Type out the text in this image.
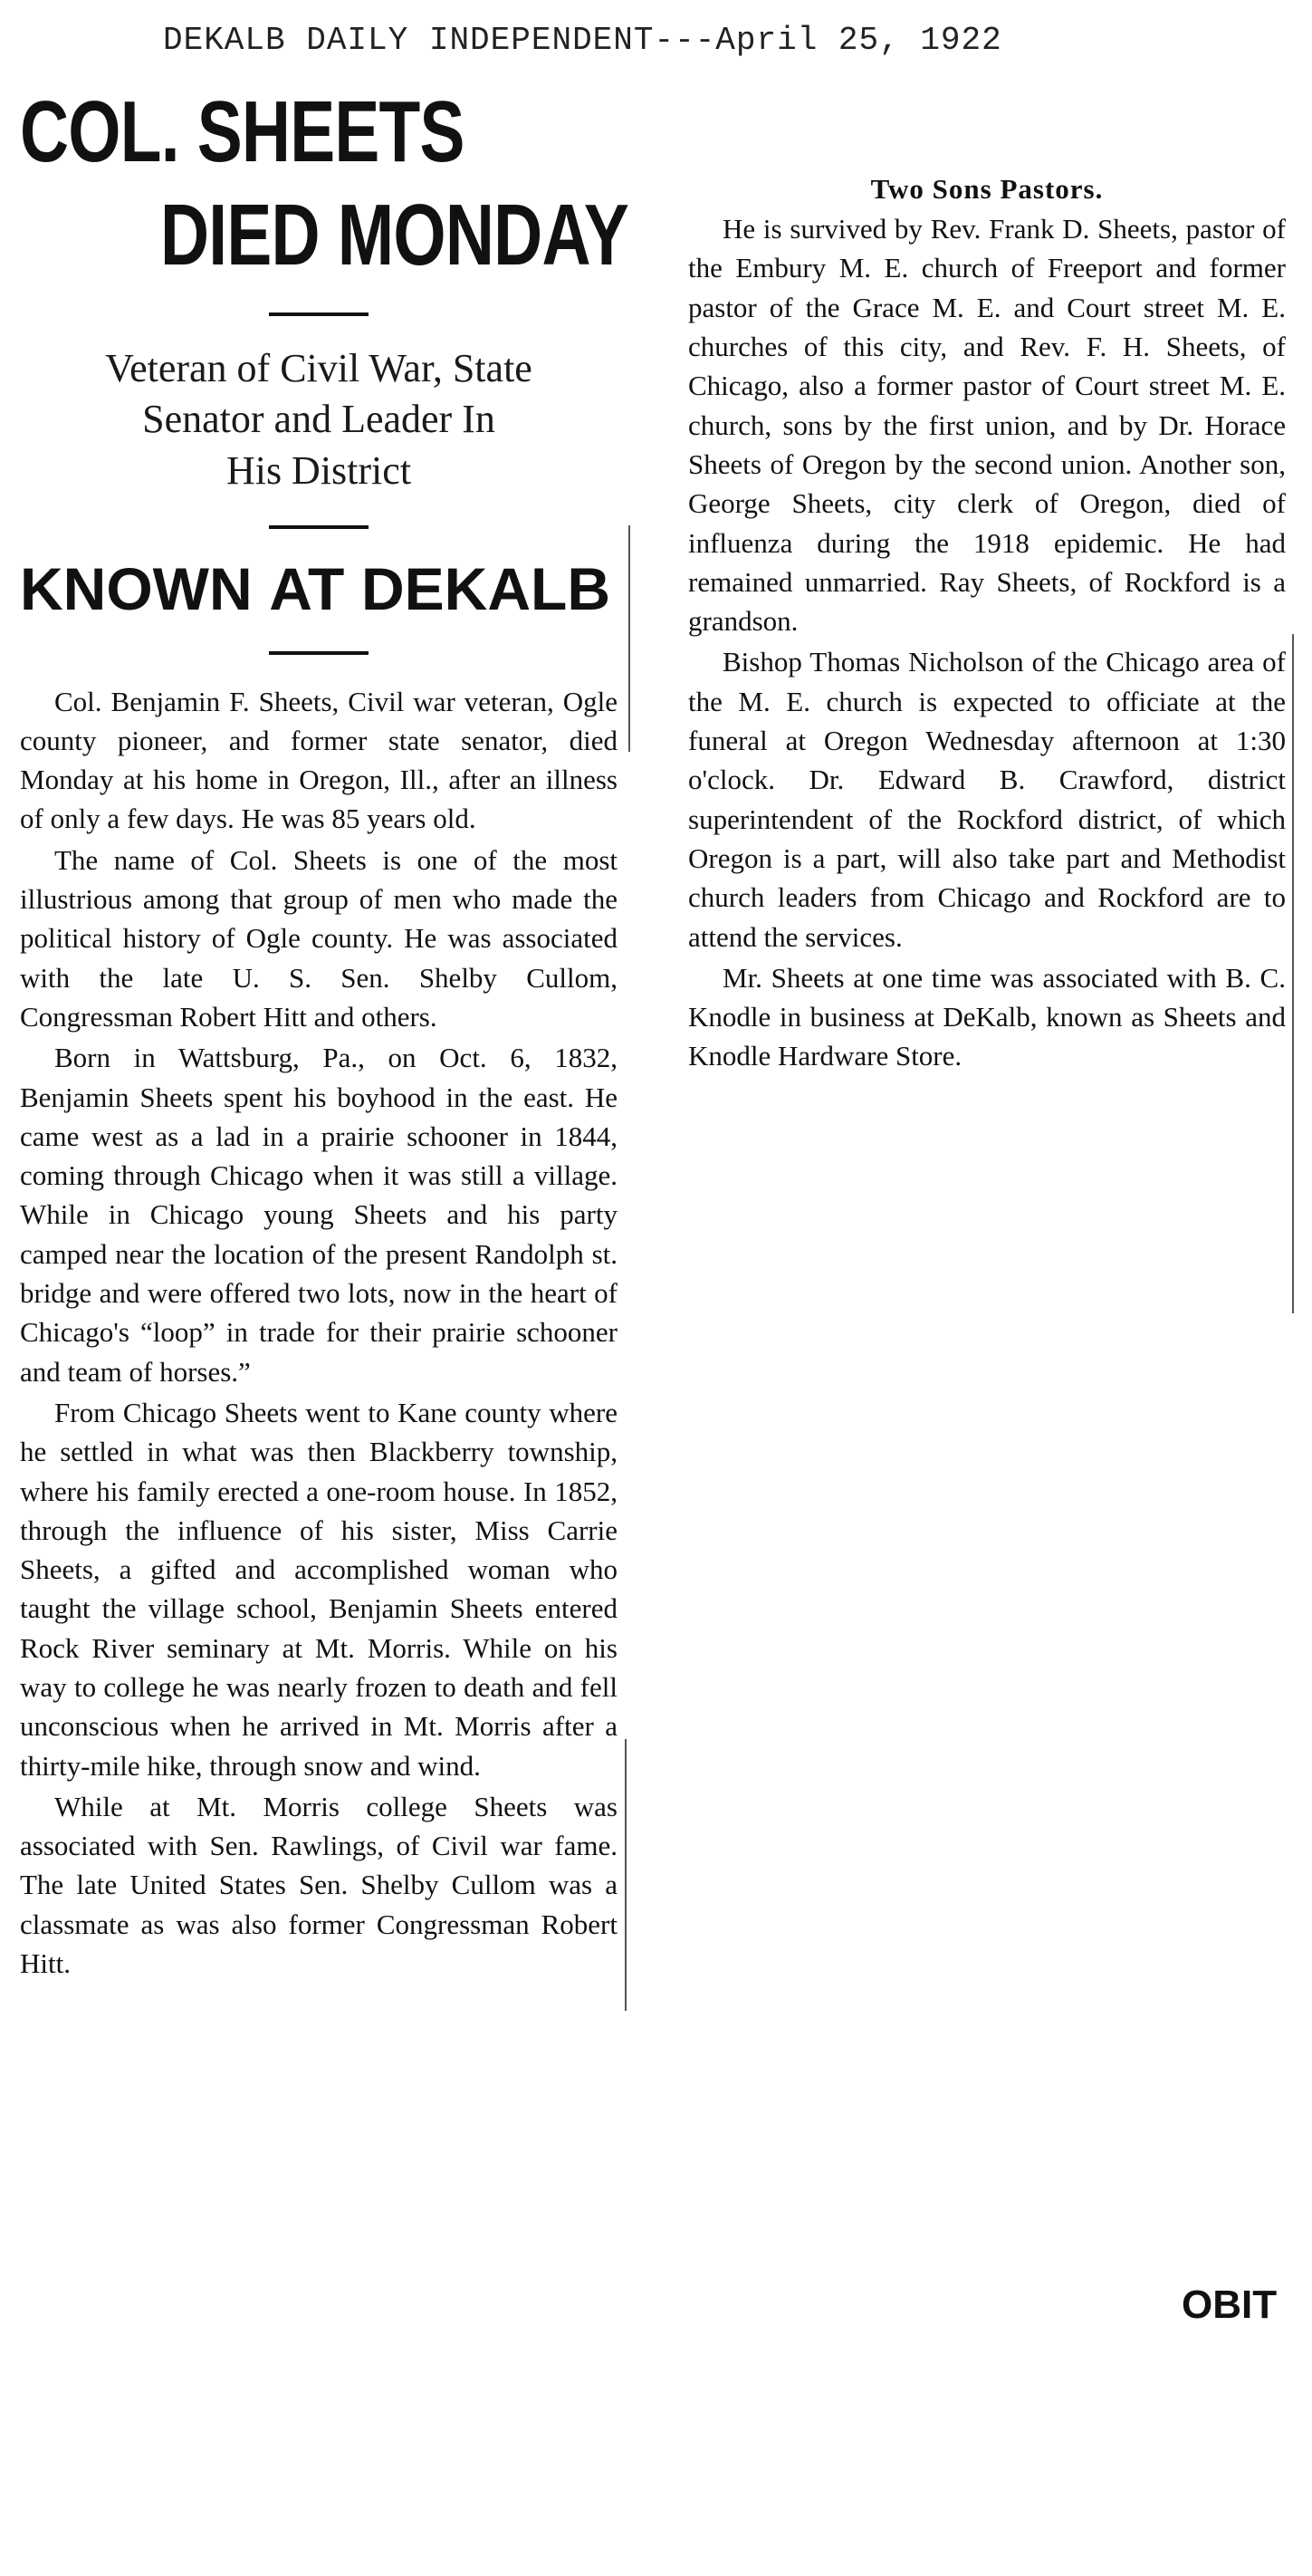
DEKALB DAILY INDEPENDENT---April 25, 1922
COL. SHEETS
DIED MONDAY
Veteran of Civil War, State
Senator and Leader In
His District
KNOWN AT DEKALB

Col. Benjamin F. Sheets, Civil war veteran, Ogle county pioneer, and former state senator, died Monday at his home in Oregon, Ill., after an illness of only a few days. He was 85 years old.

The name of Col. Sheets is one of the most illustrious among that group of men who made the political history of Ogle county. He was associated with the late U. S. Sen. Shelby Cullom, Congressman Robert Hitt and others.

Born in Wattsburg, Pa., on Oct. 6, 1832, Benjamin Sheets spent his boyhood in the east. He came west as a lad in a prairie schooner in 1844, coming through Chicago when it was still a village. While in Chicago young Sheets and his party camped near the location of the present Randolph st. bridge and were offered two lots, now in the heart of Chicago's “loop” in trade for their prairie schooner and team of horses.”

From Chicago Sheets went to Kane county where he settled in what was then Blackberry township, where his family erected a one-room house. In 1852, through the influence of his sister, Miss Carrie Sheets, a gifted and accomplished woman who taught the village school, Benjamin Sheets entered Rock River seminary at Mt. Morris. While on his way to college he was nearly frozen to death and fell unconscious when he arrived in Mt. Morris after a thirty-mile hike, through snow and wind.

While at Mt. Morris college Sheets was associated with Sen. Rawlings, of Civil war fame. The late United States Sen. Shelby Cullom was a classmate as was also former Congressman Robert Hitt.

Two Sons Pastors.

He is survived by Rev. Frank D. Sheets, pastor of the Embury M. E. church of Freeport and former pastor of the Grace M. E. and Court street M. E. churches of this city, and Rev. F. H. Sheets, of Chicago, also a former pastor of Court street M. E. church, sons by the first union, and by Dr. Horace Sheets of Oregon by the second union. Another son, George Sheets, city clerk of Oregon, died of influenza during the 1918 epidemic. He had remained unmarried. Ray Sheets, of Rockford is a grandson.

Bishop Thomas Nicholson of the Chicago area of the M. E. church is expected to officiate at the funeral at Oregon Wednesday afternoon at 1:30 o'clock. Dr. Edward B. Crawford, district superintendent of the Rockford district, of which Oregon is a part, will also take part and Methodist church leaders from Chicago and Rockford are to attend the services.

Mr. Sheets at one time was associated with B. C. Knodle in business at DeKalb, known as Sheets and Knodle Hardware Store.

OBIT
